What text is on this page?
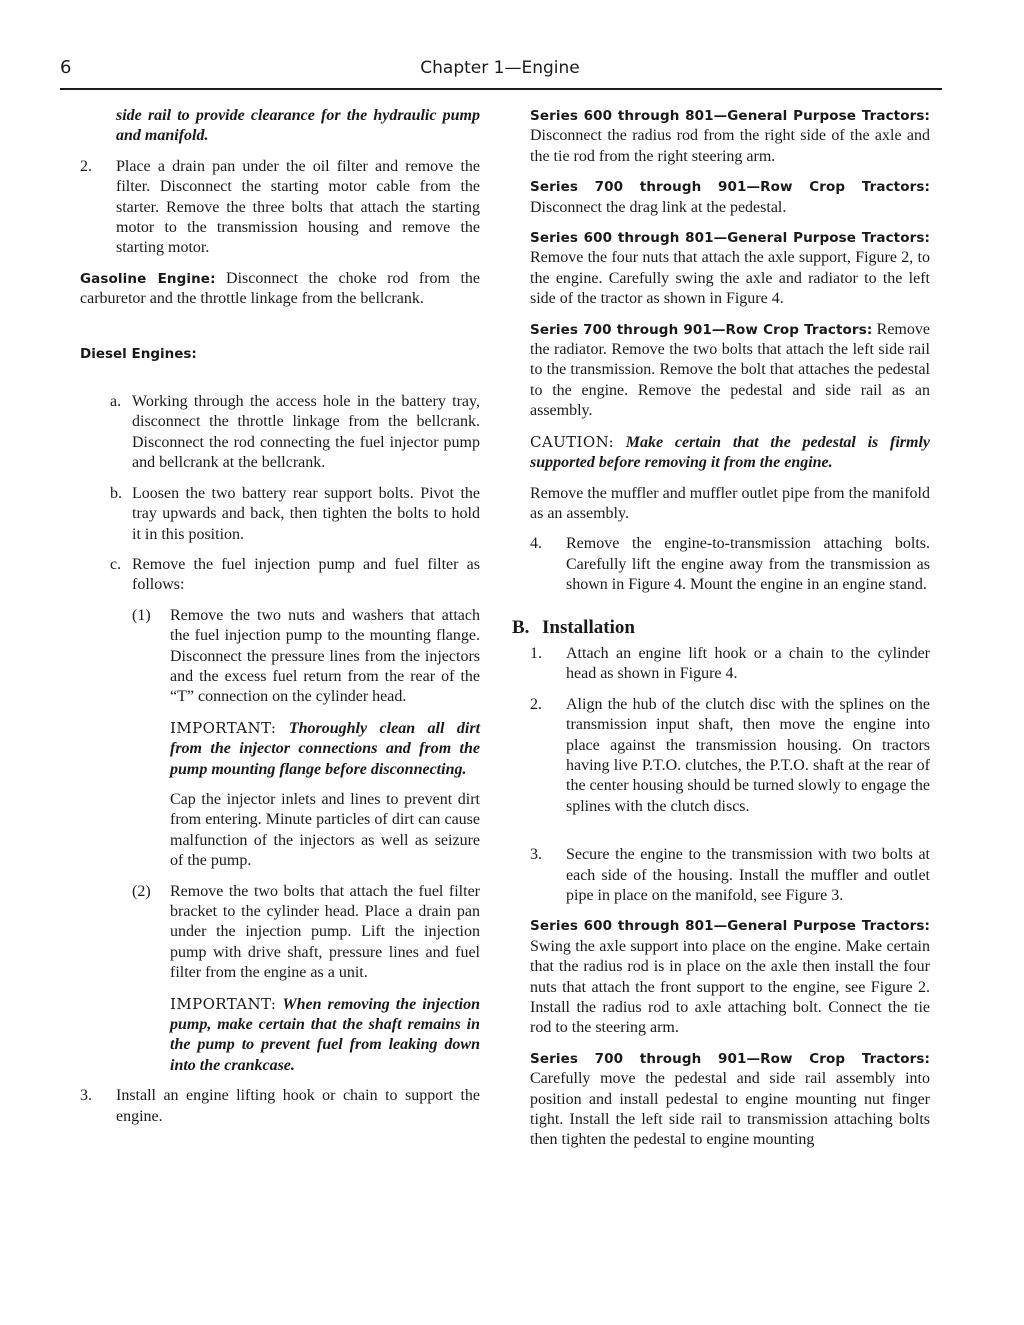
6	Chapter 1—Engine

side rail to provide clearance for the hydraulic pump and manifold.

2.	Place a drain pan under the oil filter and remove the filter. Disconnect the starting motor cable from the starter. Remove the three bolts that attach the starting motor to the transmission housing and remove the starting motor.

Gasoline Engine: Disconnect the choke rod from the carburetor and the throttle linkage from the bellcrank.

Diesel Engines:
a. Working through the access hole in the battery tray, disconnect the throttle linkage from the bellcrank. Disconnect the rod connecting the fuel injector pump and bellcrank at the bellcrank.
b. Loosen the two battery rear support bolts. Pivot the tray upwards and back, then tighten the bolts to hold it in this position.
c. Remove the fuel injection pump and fuel filter as follows:
(1)	Remove the two nuts and washers that attach the fuel injection pump to the mounting flange. Disconnect the pressure lines from the injectors and the excess fuel return from the rear of the “T” connection on the cylinder head.

IMPORTANT: Thoroughly clean all dirt from the injector connections and from the pump mounting flange before disconnecting.

Cap the injector inlets and lines to prevent dirt from entering. Minute particles of dirt can cause malfunction of the injectors as well as seizure of the pump.

(2)	Remove the two bolts that attach the fuel filter bracket to the cylinder head. Place a drain pan under the injection pump. Lift the injection pump with drive shaft, pressure lines and fuel filter from the engine as a unit.

IMPORTANT: When removing the injection pump, make certain that the shaft remains in the pump to prevent fuel from leaking down into the crankcase.

3.	Install an engine lifting hook or chain to support the engine.

Series 600 through 801—General Purpose Tractors: Disconnect the radius rod from the right side of the axle and the tie rod from the right steering arm.

Series 700 through 901—Row Crop Tractors: Disconnect the drag link at the pedestal.

Series 600 through 801—General Purpose Tractors: Remove the four nuts that attach the axle support, Figure 2, to the engine. Carefully swing the axle and radiator to the left side of the tractor as shown in Figure 4.

Series 700 through 901—Row Crop Tractors: Remove the radiator. Remove the two bolts that attach the left side rail to the transmission. Remove the bolt that attaches the pedestal to the engine. Remove the pedestal and side rail as an assembly.

CAUTION: Make certain that the pedestal is firmly supported before removing it from the engine.

Remove the muffler and muffler outlet pipe from the manifold as an assembly.

4.	Remove the engine-to-transmission attaching bolts. Carefully lift the engine away from the transmission as shown in Figure 4. Mount the engine in an engine stand.
B. Installation
1.	Attach an engine lift hook or a chain to the cylinder head as shown in Figure 4.
2.	Align the hub of the clutch disc with the splines on the transmission input shaft, then move the engine into place against the transmission housing. On tractors having live P.T.O. clutches, the P.T.O. shaft at the rear of the center housing should be turned slowly to engage the splines with the clutch discs.
3.	Secure the engine to the transmission with two bolts at each side of the housing. Install the muffler and outlet pipe in place on the manifold, see Figure 3.

Series 600 through 801—General Purpose Tractors: Swing the axle support into place on the engine. Make certain that the radius rod is in place on the axle then install the four nuts that attach the front support to the engine, see Figure 2. Install the radius rod to axle attaching bolt. Connect the tie rod to the steering arm.

Series 700 through 901—Row Crop Tractors: Carefully move the pedestal and side rail assembly into position and install pedestal to engine mounting nut finger tight. Install the left side rail to transmission attaching bolts then tighten the pedestal to engine mounting
